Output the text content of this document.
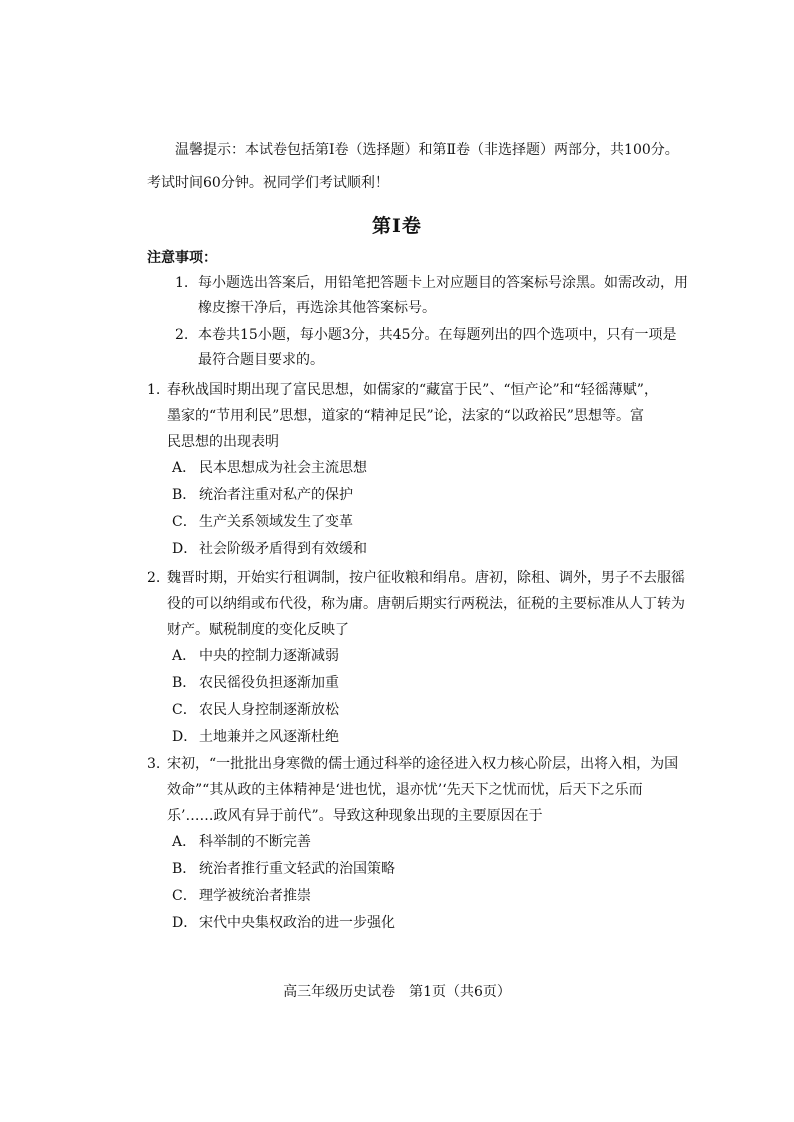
温馨提示：本试卷包括第Ⅰ卷（选择题）和第Ⅱ卷（非选择题）两部分，共100分。
考试时间60分钟。祝同学们考试顺利！
第Ⅰ卷
注意事项：
1. 每小题选出答案后，用铅笔把答题卡上对应题目的答案标号涂黑。如需改动，用
橡皮擦干净后，再选涂其他答案标号。
2. 本卷共15小题，每小题3分，共45分。在每题列出的四个选项中，只有一项是
最符合题目要求的。
1. 春秋战国时期出现了富民思想，如儒家的“藏富于民”、“恒产论”和“轻徭薄赋”，
墨家的“节用利民”思想，道家的“精神足民”论，法家的“以政裕民”思想等。富
民思想的出现表明
A． 民本思想成为社会主流思想
B． 统治者注重对私产的保护
C． 生产关系领域发生了变革
D． 社会阶级矛盾得到有效缓和
2. 魏晋时期，开始实行租调制，按户征收粮和绢帛。唐初，除租、调外，男子不去服徭
役的可以纳绢或布代役，称为庸。唐朝后期实行两税法，征税的主要标准从人丁转为
财产。赋税制度的变化反映了
A． 中央的控制力逐渐减弱
B． 农民徭役负担逐渐加重
C． 农民人身控制逐渐放松
D． 土地兼并之风逐渐杜绝
3. 宋初，“一批批出身寒微的儒士通过科举的途径进入权力核心阶层，出将入相，为国
效命”“其从政的主体精神是‘进也忧，退亦忧’‘先天下之忧而忧，后天下之乐而
乐’……政风有异于前代”。导致这种现象出现的主要原因在于
A． 科举制的不断完善
B． 统治者推行重文轻武的治国策略
C． 理学被统治者推崇
D． 宋代中央集权政治的进一步强化
高三年级历史试卷　第1页（共6页）
